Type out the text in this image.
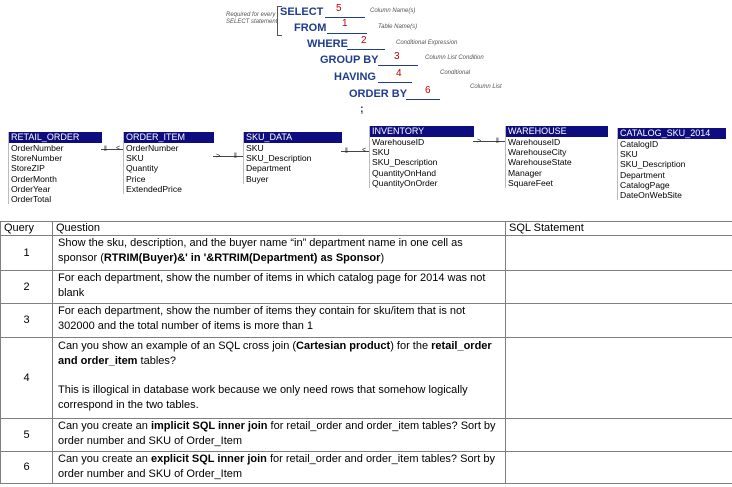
Required for every
SELECT statement
SELECT 5	Column Name(s)
FROM 1	Table Name(s)
WHERE 2	Conditional Expression
GROUP BY 3	Column List Condition
HAVING 4	Conditional
ORDER BY 6	Column List
;
RETAIL_ORDER
OrderNumber
StoreNumber
StoreZIP
OrderMonth
OrderYear
OrderTotal
ORDER_ITEM
OrderNumber
SKU
Quantity
Price
ExtendedPrice
SKU_DATA
SKU
SKU_Description
Department
Buyer
INVENTORY
WarehouseID
SKU
SKU_Description
QuantityOnHand
QuantityOnOrder
WAREHOUSE
WarehouseID
WarehouseCity
WarehouseState
Manager
SquareFeet
CATALOG_SKU_2014
CatalogID
SKU
SKU_Description
Department
CatalogPage
DateOnWebSite
‖ <
> ‖
‖ <
> ‖
Query	Question	SQL Statement
1	Show the sku, description, and the buyer name “in” department name in one cell as sponsor (RTRIM(Buyer)&' in '&RTRIM(Department) as Sponsor)	
2	For each department, show the number of items in which catalog page for 2014 was not blank	
3	For each department, show the number of items they contain for sku/item that is not 302000 and the total number of items is more than 1	
4	Can you show an example of an SQL cross join (Cartesian product) for the retail_order and order_item tables?
This is illogical in database work because we only need rows that somehow logically correspond in the two tables.	

5	Can you create an implicit SQL inner join for retail_order and order_item tables? Sort by order number and SKU of Order_Item	
6	Can you create an explicit SQL inner join for retail_order and order_item tables? Sort by order number and SKU of Order_Item	
